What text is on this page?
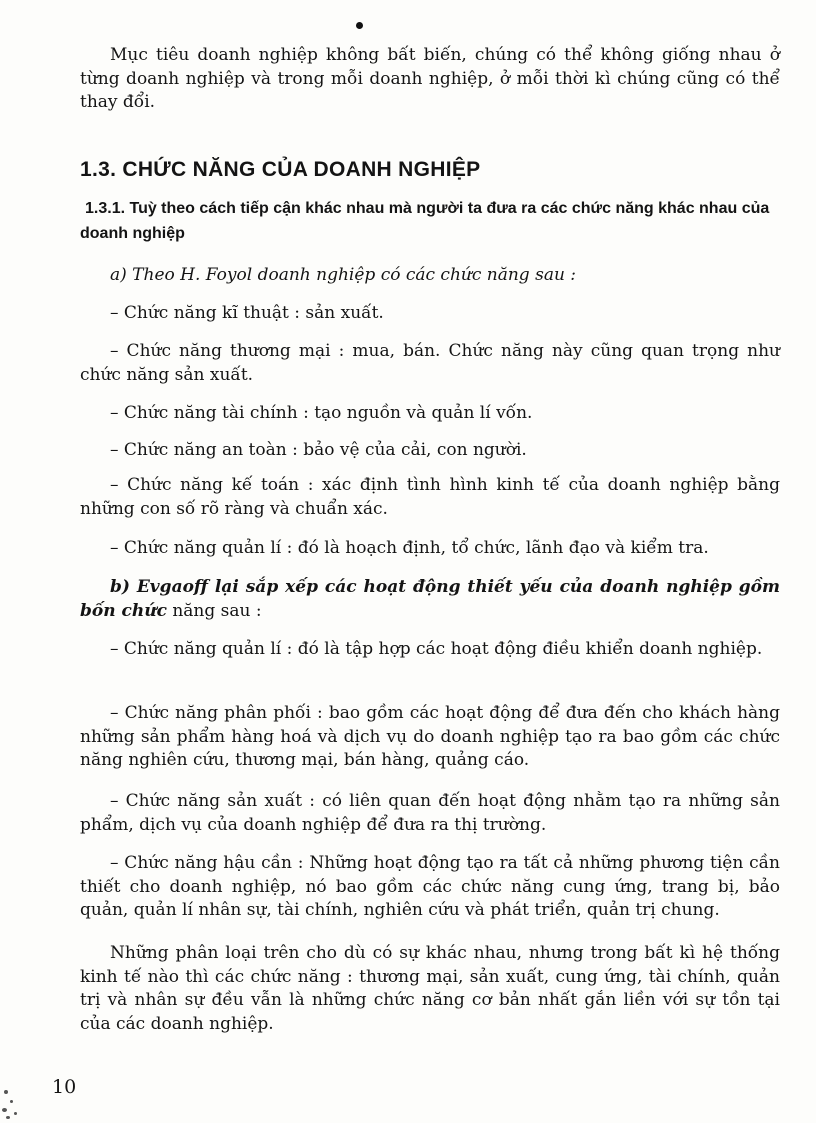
Mục tiêu doanh nghiệp không bất biến, chúng có thể không giống nhau ở từng doanh nghiệp và trong mỗi doanh nghiệp, ở mỗi thời kì chúng cũng có thể thay đổi.

1.3. CHỨC NĂNG CỦA DOANH NGHIỆP

1.3.1. Tuỳ theo cách tiếp cận khác nhau mà người ta đưa ra các chức năng khác nhau của doanh nghiệp

a) Theo H. Foyol doanh nghiệp có các chức năng sau :

– Chức năng kĩ thuật : sản xuất.

– Chức năng thương mại : mua, bán. Chức năng này cũng quan trọng như chức năng sản xuất.

– Chức năng tài chính : tạo nguồn và quản lí vốn.

– Chức năng an toàn : bảo vệ của cải, con người.

– Chức năng kế toán : xác định tình hình kinh tế của doanh nghiệp bằng những con số rõ ràng và chuẩn xác.

– Chức năng quản lí : đó là hoạch định, tổ chức, lãnh đạo và kiểm tra.

b) Evgaoff lại sắp xếp các hoạt động thiết yếu của doanh nghiệp gồm bốn chức năng sau :

– Chức năng quản lí : đó là tập hợp các hoạt động điều khiển doanh nghiệp.

– Chức năng phân phối : bao gồm các hoạt động để đưa đến cho khách hàng những sản phẩm hàng hoá và dịch vụ do doanh nghiệp tạo ra bao gồm các chức năng nghiên cứu, thương mại, bán hàng, quảng cáo.

– Chức năng sản xuất : có liên quan đến hoạt động nhằm tạo ra những sản phẩm, dịch vụ của doanh nghiệp để đưa ra thị trường.

– Chức năng hậu cần : Những hoạt động tạo ra tất cả những phương tiện cần thiết cho doanh nghiệp, nó bao gồm các chức năng cung ứng, trang bị, bảo quản, quản lí nhân sự, tài chính, nghiên cứu và phát triển, quản trị chung.

Những phân loại trên cho dù có sự khác nhau, nhưng trong bất kì hệ thống kinh tế nào thì các chức năng : thương mại, sản xuất, cung ứng, tài chính, quản trị và nhân sự đều vẫn là những chức năng cơ bản nhất gắn liền với sự tồn tại của các doanh nghiệp.

10
